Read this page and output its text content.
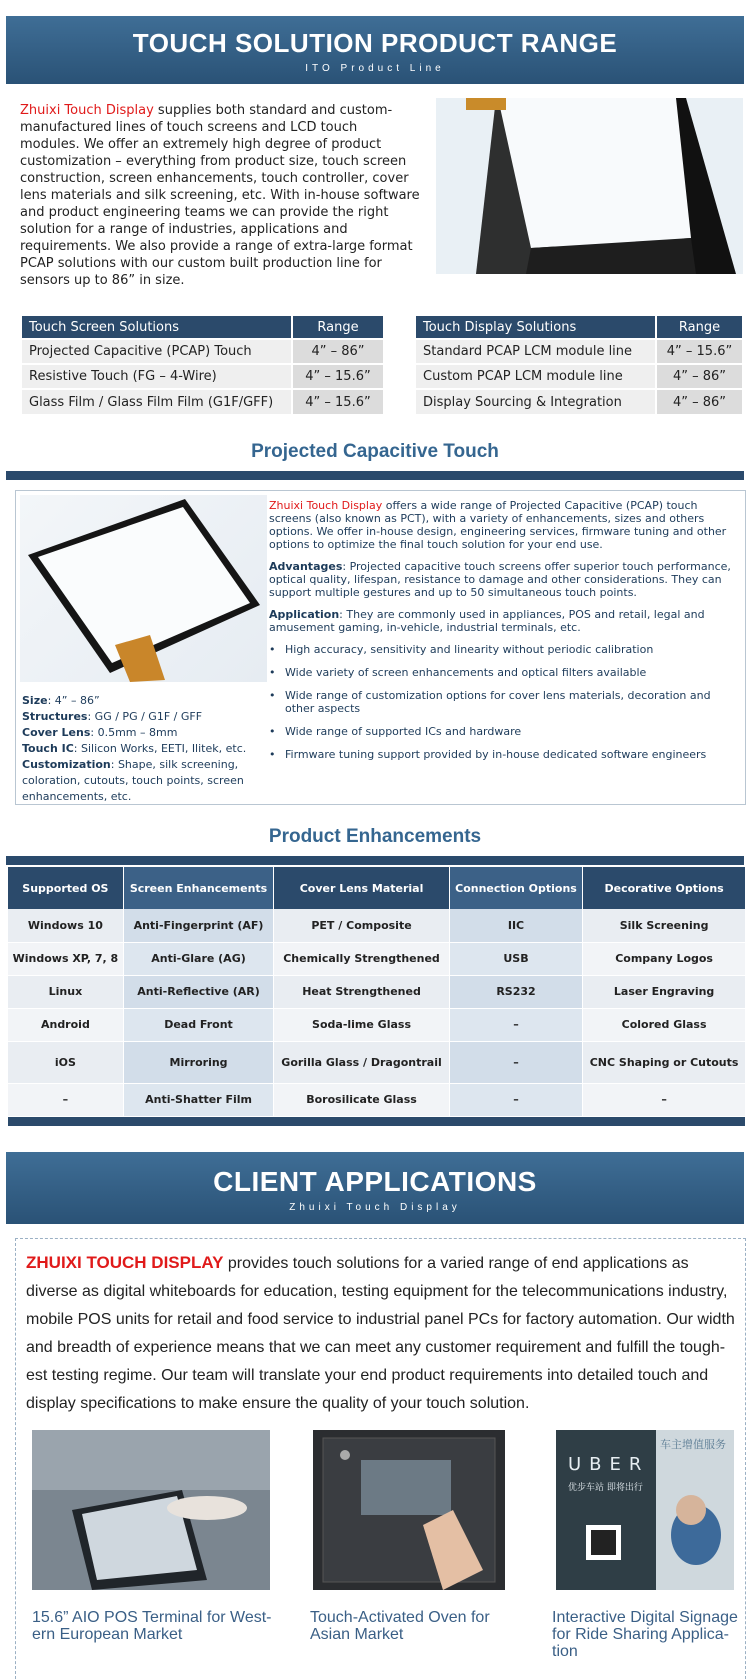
TOUCH SOLUTION PRODUCT RANGE
ITO Product Line
Zhuixi Touch Display supplies both standard and custom-manufactured lines of touch screens and LCD touch modules. We offer an extremely high degree of product customization – everything from product size, touch screen construction, screen enhancements, touch controller, cover lens materials and silk screening, etc. With in-house software and product engineering teams we can provide the right solution for a range of industries, applications and requirements. We also provide a range of extra-large format PCAP solutions with our custom built production line for sensors up to 86” in size.
Touch Screen Solutions	Range
Projected Capacitive (PCAP) Touch	4” – 86”
Resistive Touch (FG – 4-Wire)	4” – 15.6”
Glass Film / Glass Film Film (G1F/GFF)	4” – 15.6”
Touch Display Solutions	Range
Standard PCAP LCM module line	4” – 15.6”
Custom PCAP LCM module line	4” – 86”
Display Sourcing & Integration	4” – 86”
Projected Capacitive Touch
Size: 4” – 86”
Structures: GG / PG / G1F / GFF
Cover Lens: 0.5mm – 8mm
Touch IC: Silicon Works, EETI, Ilitek, etc.
Customization: Shape, silk screening, coloration, cutouts, touch points, screen enhancements, etc.

Zhuixi Touch Display offers a wide range of Projected Capacitive (PCAP) touch screens (also known as PCT), with a variety of enhancements, sizes and others options. We offer in-house design, engineering services, firmware tuning and other options to optimize the final touch solution for your end use.

Advantages: Projected capacitive touch screens offer superior touch performance, optical quality, lifespan, resistance to damage and other considerations. They can support multiple gestures and up to 50 simultaneous touch points.

Application: They are commonly used in appliances, POS and retail, legal and amusement gaming, in-vehicle, industrial terminals, etc.

• High accuracy, sensitivity and linearity without periodic calibration
• Wide variety of screen enhancements and optical filters available
• Wide range of customization options for cover lens materials, decoration and other aspects
• Wide range of supported ICs and hardware
• Firmware tuning support provided by in-house dedicated software engineers
Product Enhancements
Supported OS	Screen Enhancements	Cover Lens Material	Connection Options	Decorative Options
Windows 10	Anti-Fingerprint (AF)	PET / Composite	IIC	Silk Screening
Windows XP, 7, 8	Anti-Glare (AG)	Chemically Strengthened	USB	Company Logos
Linux	Anti-Reflective (AR)	Heat Strengthened	RS232	Laser Engraving
Android	Dead Front	Soda-lime Glass	–	Colored Glass
iOS	Mirroring	Gorilla Glass / Dragontrail	–	CNC Shaping or Cutouts
–	Anti-Shatter Film	Borosilicate Glass	–	–

CLIENT APPLICATIONS
Zhuixi Touch Display
ZHUIXI TOUCH DISPLAY provides touch solutions for a varied range of end applications as diverse as digital whiteboards for education, testing equipment for the telecommunications industry, mobile POS units for retail and food service to industrial panel PCs for factory automation. Our width and breadth of experience means that we can meet any customer requirement and fulfill the tough-est testing regime. Our team will translate your end product requirements into detailed touch and display specifications to make ensure the quality of your touch solution.
UBER
优步车站 即将出行
车主增值服务
15.6” AIO POS Terminal for West-ern European Market
Touch-Activated Oven for Asian Market
Interactive Digital Signage for Ride Sharing Applica-tion
